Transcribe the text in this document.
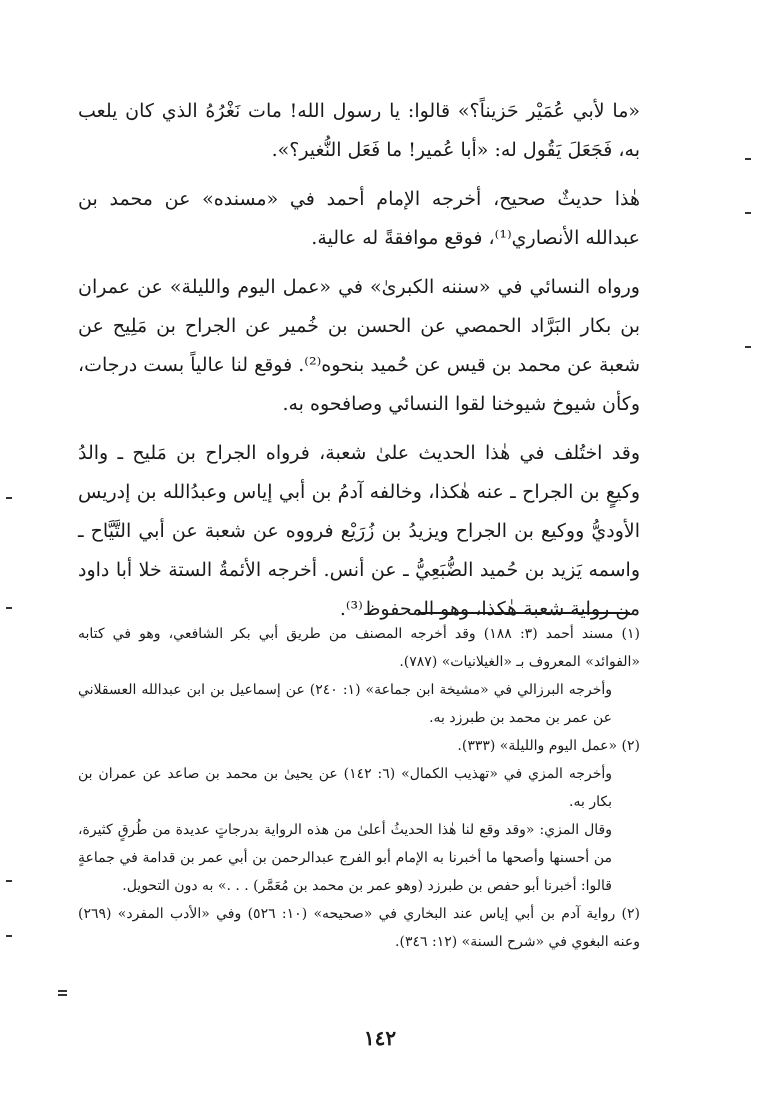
«ما لأبي عُمَيْر حَزيناً؟» قالوا: يا رسول الله! مات نَغْرُهُ الذي كان يلعب به، فَجَعَلَ يَقُول له: «أبا عُمير! ما فَعَل النُّغير؟».

هٰذا حديثٌ صحيح، أخرجه الإمام أحمد في «مسنده» عن محمد بن عبدالله الأنصاري⁽¹⁾، فوقع موافقةً له عالية.

ورواه النسائي في «سننه الكبرىٰ» في «عمل اليوم والليلة» عن عمران بن بكار البَرَّاد الحمصي عن الحسن بن خُمير عن الجراح بن مَلِيح عن شعبة عن محمد بن قيس عن حُميد بنحوه⁽²⁾. فوقع لنا عالياً بست درجات، وكأن شيوخ شيوخنا لقوا النسائي وصافحوه به.

وقد اختُلف في هٰذا الحديث علىٰ شعبة، فرواه الجراح بن مَليح ـ والدُ وكيعٍ بن الجراح ـ عنه هٰكذا، وخالفه آدمُ بن أبي إياس وعبدُالله بن إدريس الأوديُّ ووكيع بن الجراح ويزيدُ بن زُرَيْع فرووه عن شعبة عن أبي التَّيَّاح ـ واسمه يَزيد بن حُميد الضُّبَعِيُّ ـ عن أنس. أخرجه الأئمةُ الستة خلا أبا داود من رواية شعبة هٰكذا، وهو المحفوظ⁽³⁾.

(١) مسند أحمد (٣: ١٨٨) وقد أخرجه المصنف من طريق أبي بكر الشافعي، وهو في كتابه «الفوائد» المعروف بـ «الغيلانيات» (٧٨٧).

وأخرجه البرزالي في «مشيخة ابن جماعة» (١: ٢٤٠) عن إسماعيل بن ابن عبدالله العسقلاني عن عمر بن محمد بن طبرزد به.

(٢) «عمل اليوم والليلة» (٣٣٣).

وأخرجه المزي في «تهذيب الكمال» (٦: ١٤٢) عن يحيىٰ بن محمد بن صاعد عن عمران بن بكار به.

وقال المزي: «وقد وقع لنا هٰذا الحديثُ أعلىٰ من هذه الرواية بدرجاتٍ عديدة من طُرقٍ كثيرة، من أحسنها وأصحها ما أخبرنا به الإمام أبو الفرج عبدالرحمن بن أبي عمر بن قدامة في جماعةٍ قالوا: أخبرنا أبو حفص بن طبرزد (وهو عمر بن محمد بن مُعَمَّر) . . .» به دون التحويل.

(٢) رواية آدم بن أبي إياس عند البخاري في «صحيحه» (١٠: ٥٢٦) وفي «الأدب المفرد» (٢٦٩) وعنه البغوي في «شرح السنة» (١٢: ٣٤٦).

١٤٢
